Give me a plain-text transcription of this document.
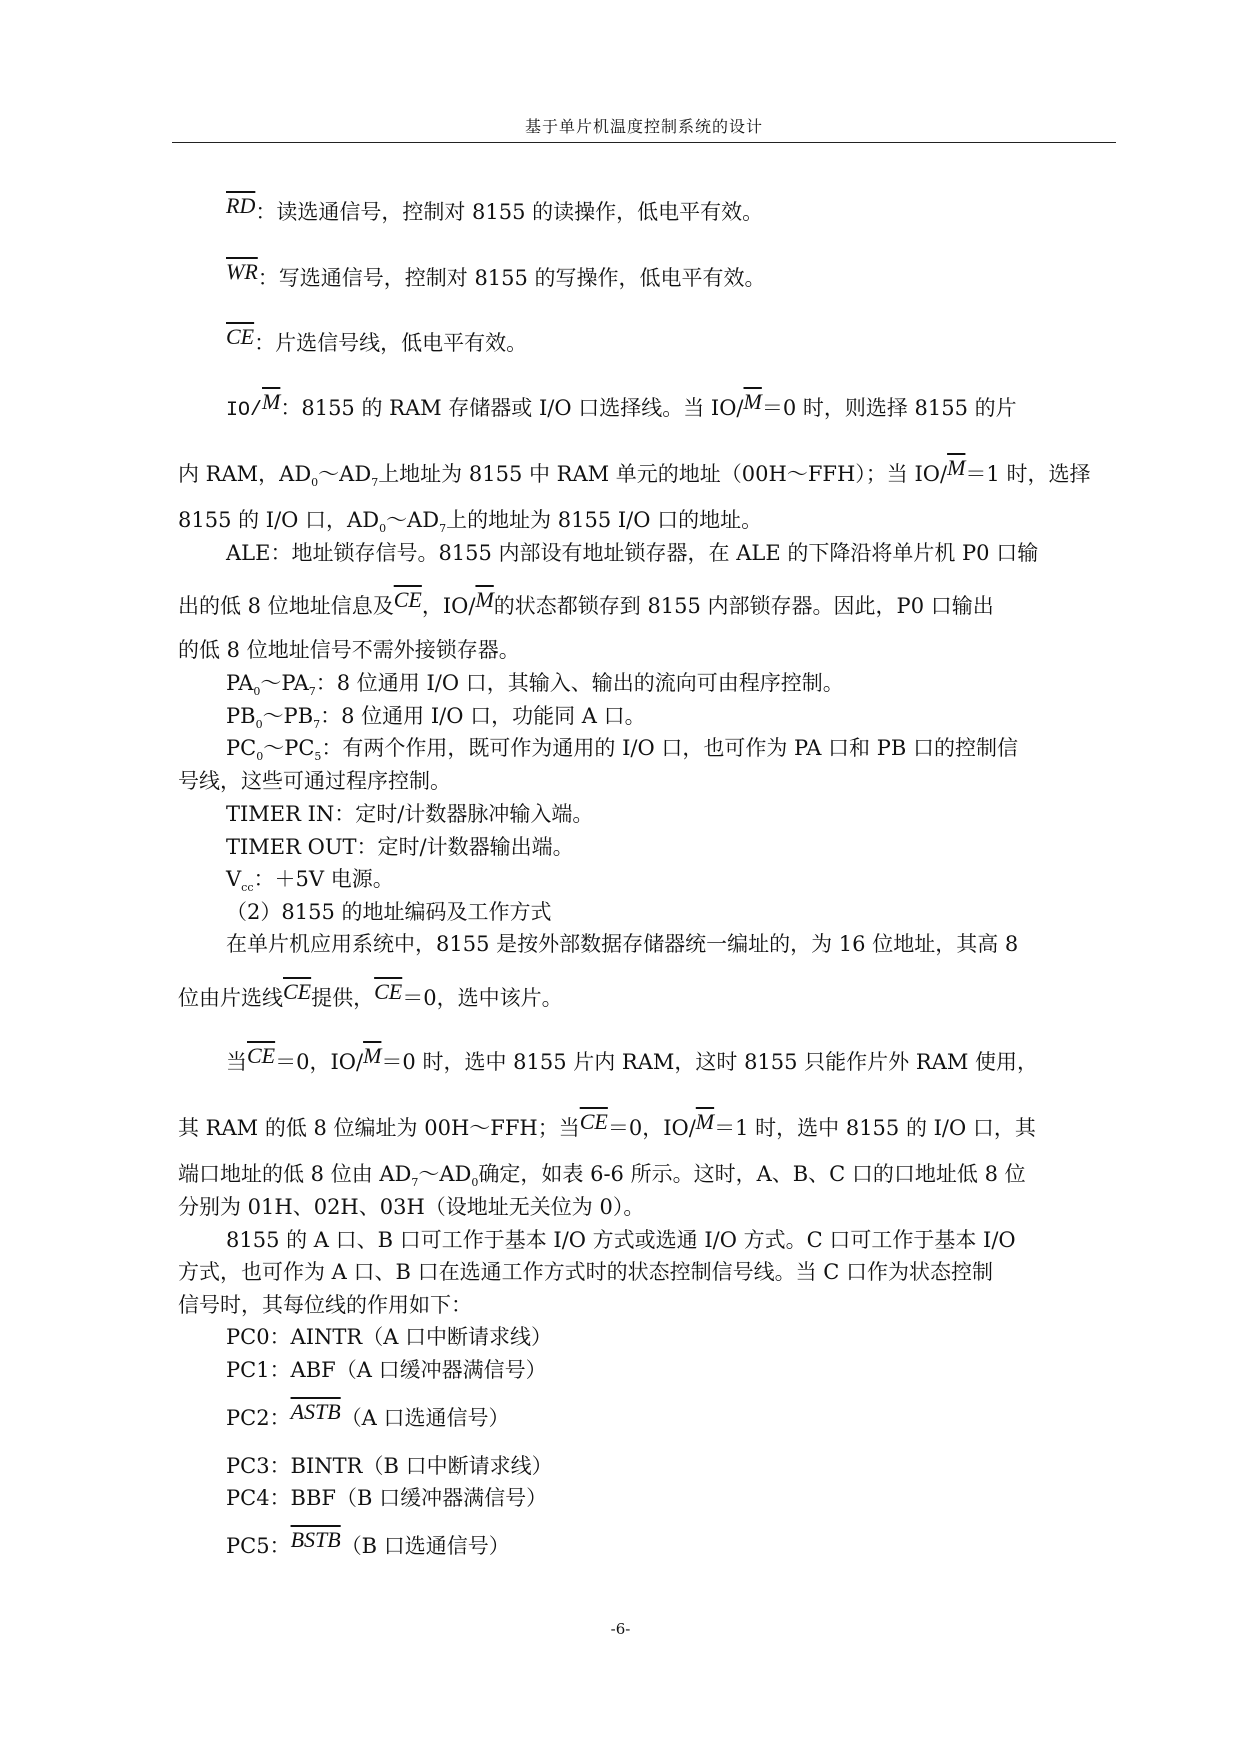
基于单片机温度控制系统的设计
$\overline{RD}$：读选通信号，控制对 8155 的读操作，低电平有效。
$\overline{WR}$：写选通信号，控制对 8155 的写操作，低电平有效。
$\overline{CE}$：片选信号线，低电平有效。
$IO/\overline{M}$：8155 的 RAM 存储器或 I/O 口选择线。当 $IO/\overline{M}=0$ 时，则选择 8155 的片
内 RAM，$AD_0\sim AD_7$上地址为 8155 中 RAM 单元的地址（00H～FFH）；当 $IO/\overline{M}=1$ 时，选择
8155 的 I/O 口，$AD_0\sim AD_7$上的地址为 8155 I/O 口的地址。
ALE：地址锁存信号。8155 内部设有地址锁存器，在 ALE 的下降沿将单片机 P0 口输
出的低 8 位地址信息及$\overline{CE}$，$IO/\overline{M}$的状态都锁存到 8155 内部锁存器。因此，P0 口输出
的低 8 位地址信号不需外接锁存器。
$PA_0\sim PA_7$：8 位通用 I/O 口，其输入、输出的流向可由程序控制。
$PB_0\sim PB_7$：8 位通用 I/O 口，功能同 A 口。
$PC_0\sim PC_5$：有两个作用，既可作为通用的 I/O 口，也可作为 PA 口和 PB 口的控制信
号线，这些可通过程序控制。
TIMER IN：定时/计数器脉冲输入端。
TIMER OUT：定时/计数器输出端。
$V_{cc}$：＋5V 电源。
（2）8155 的地址编码及工作方式
在单片机应用系统中，8155 是按外部数据存储器统一编址的，为 16 位地址，其高 8
位由片选线$\overline{CE}$提供，$\overline{CE}=0$，选中该片。
当$\overline{CE}=0$，$IO/\overline{M}=0$ 时，选中 8155 片内 RAM，这时 8155 只能作片外 RAM 使用，
其 RAM 的低 8 位编址为 00H～FFH；当$\overline{CE}=0$，$IO/\overline{M}=1$ 时，选中 8155 的 I/O 口，其
端口地址的低 8 位由 $AD_7\sim AD_0$确定，如表 6-6 所示。这时，A、B、C 口的口地址低 8 位
分别为 01H、02H、03H（设地址无关位为 0）。
8155 的 A 口、B 口可工作于基本 I/O 方式或选通 I/O 方式。C 口可工作于基本 I/O
方式，也可作为 A 口、B 口在选通工作方式时的状态控制信号线。当 C 口作为状态控制
信号时，其每位线的作用如下：
PC0：AINTR（A 口中断请求线）
PC1：ABF（A 口缓冲器满信号）
PC2：ASTB（A 口选通信号）
PC3：BINTR（B 口中断请求线）
PC4：BBF（B 口缓冲器满信号）
PC5：BSTB（B 口选通信号）
-6-
